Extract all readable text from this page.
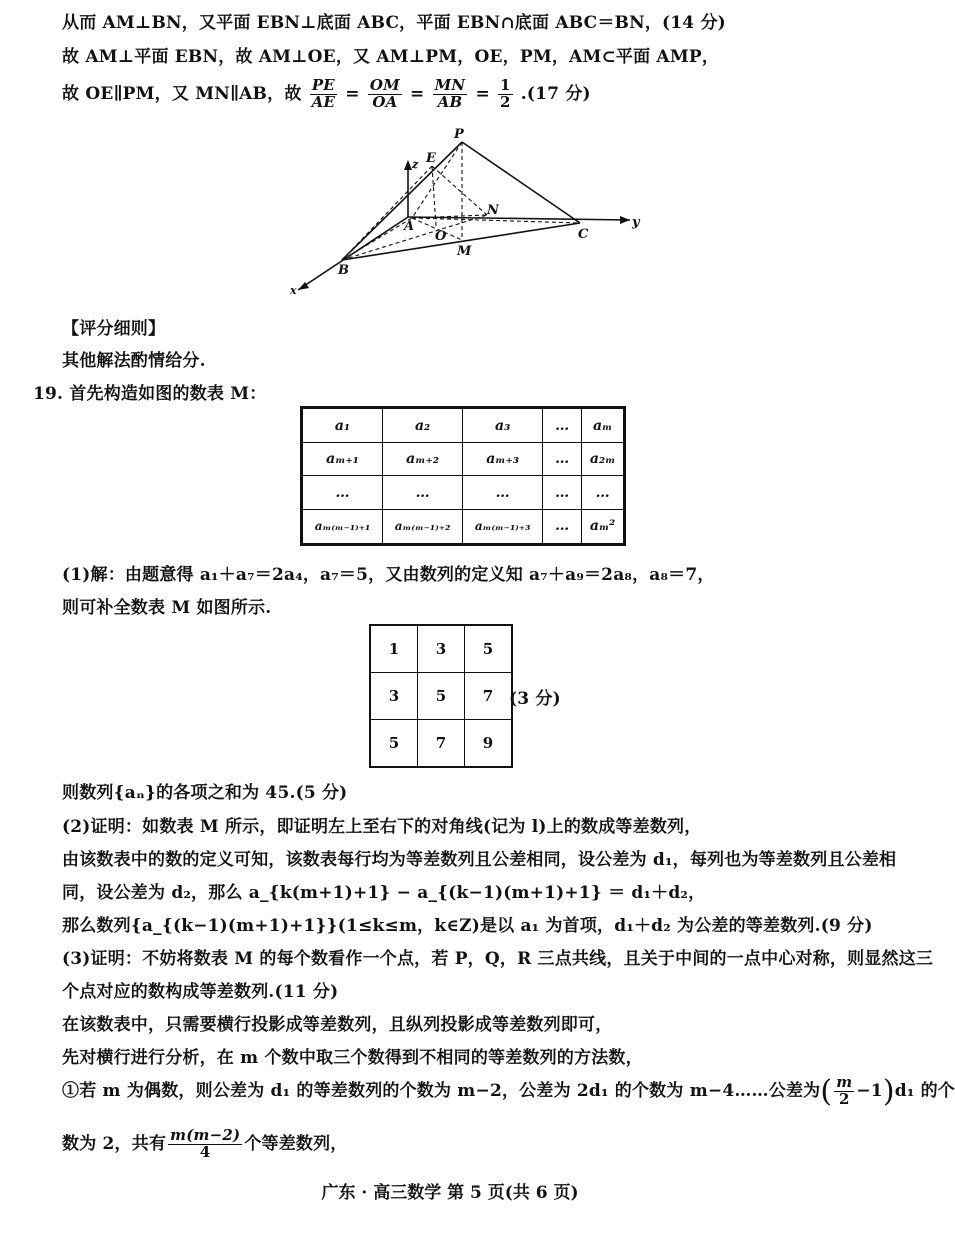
从而 AM⊥BN，又平面 EBN⊥底面 ABC，平面 EBN∩底面 ABC＝BN，(14 分)
故 AM⊥平面 EBN，故 AM⊥OE，又 AM⊥PM，OE，PM，AM⊂平面 AMP，
故 OE∥PM，又 MN∥AB，故 $\frac{PE}{AE} = \frac{OM}{OA} = \frac{MN}{AB} = \frac{1}{2} .(17$ 分)
P
E
z
N
A
O
M
C
y
B
x
【评分细则】
其他解法酌情给分.
19. 首先构造如图的数表 M：
a₁	a₂	a₃	…	aₘ
aₘ₊₁	aₘ₊₂	aₘ₊₃	…	a₂ₘ
…	…	…	…	…
aₘ₍ₘ₋₁₎₊₁	aₘ₍ₘ₋₁₎₊₂	aₘ₍ₘ₋₁₎₊₃	…	aₘ²
(1)解：由题意得 a₁＋a₇＝2a₄，a₇＝5，又由数列的定义知 a₇＋a₉＝2a₈，a₈＝7，
则可补全数表 M 如图所示.
1	3	5
3	5	7
5	7	9
(3 分)
则数列{aₙ}的各项之和为 45.(5 分)
(2)证明：如数表 M 所示，即证明左上至右下的对角线(记为 l)上的数成等差数列，
由该数表中的数的定义可知，该数表每行均为等差数列且公差相同，设公差为 d₁，每列也为等差数列且公差相
同，设公差为 d₂，那么 a_{k(m+1)+1} − a_{(k−1)(m+1)+1} ＝ d₁＋d₂，
那么数列{a_{(k−1)(m+1)+1}}(1≤k≤m，k∈Z)是以 a₁ 为首项，d₁＋d₂ 为公差的等差数列.(9 分)
(3)证明：不妨将数表 M 的每个数看作一个点，若 P，Q，R 三点共线，且关于中间的一点中心对称，则显然这三
个点对应的数构成等差数列.(11 分)
在该数表中，只需要横行投影成等差数列，且纵列投影成等差数列即可，
先对横行进行分析，在 m 个数中取三个数得到不相同的等差数列的方法数，
①若 m 为偶数，则公差为 d₁ 的等差数列的个数为 m−2，公差为 2d₁ 的个数为 m−4……公差为( $\frac{m}{2} -1)d_1$ 的个
数为 2，共有 $\frac{m(m-2)}{4}$ 个等差数列，
广东 · 高三数学 第 5 页(共 6 页)
